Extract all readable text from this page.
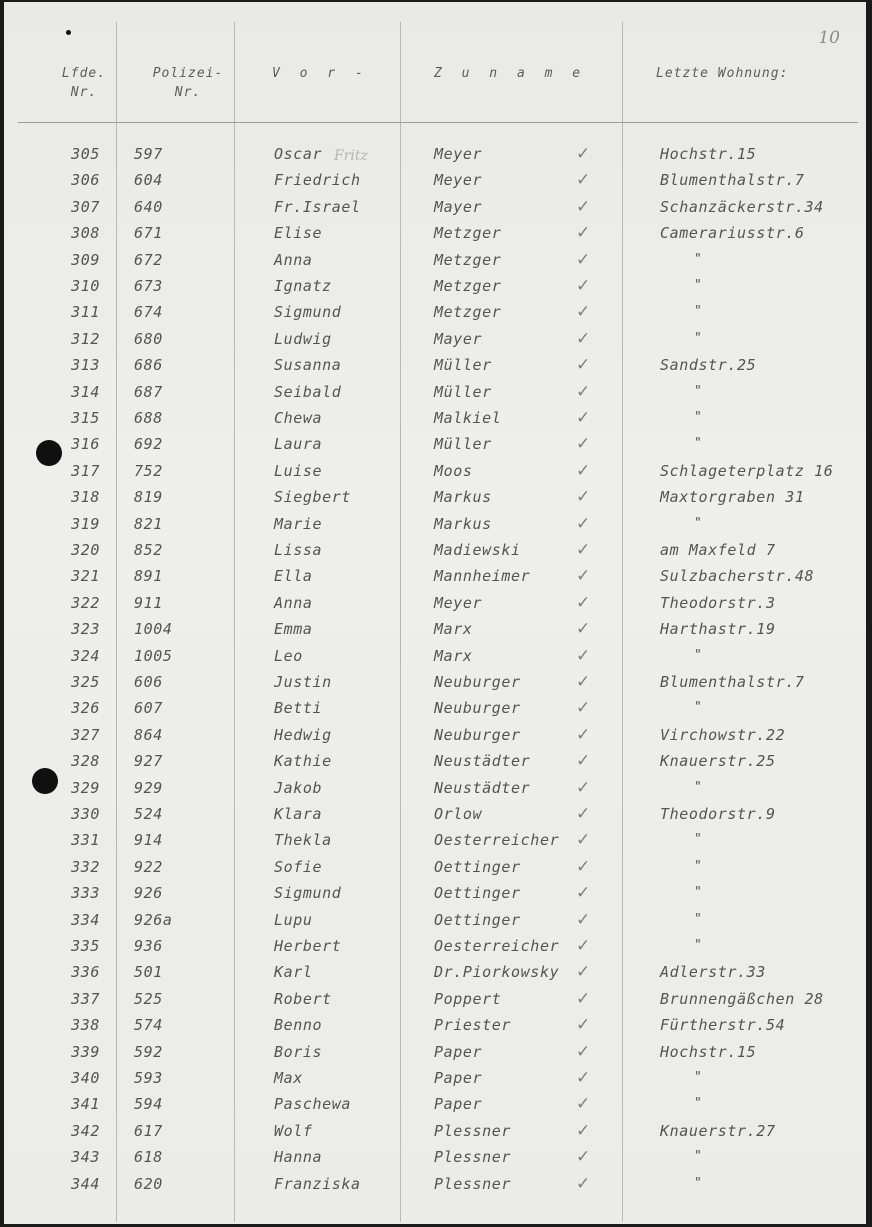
10
Lfde.
Nr.
Polizei-
Nr.
V o r -	Z u n a m e	Letzte Wohnung:
Fritz
305 597	Oscar	Meyer	✓	Hochstr.15
306 604	Friedrich	Meyer	✓	Blumenthalstr.7
307 640	Fr.Israel	Mayer	✓	Schanzäckerstr.34
308 671	Elise	Metzger	✓	Camerariusstr.6
309 672	Anna	Metzger	✓	"
310 673	Ignatz	Metzger	✓	"
311 674	Sigmund	Metzger	✓	"
312 680	Ludwig	Mayer	✓	"
313 686	Susanna	Müller	✓	Sandstr.25
314 687	Seibald	Müller	✓	"
315 688	Chewa	Malkiel	✓	"
316 692	Laura	Müller	✓	"
317 752	Luise	Moos	✓	Schlageterplatz 16
318 819	Siegbert	Markus	✓	Maxtorgraben 31
319 821	Marie	Markus	✓	"
320 852	Lissa	Madiewski	✓	am Maxfeld 7
321 891	Ella	Mannheimer	✓	Sulzbacherstr.48
322 911	Anna	Meyer	✓	Theodorstr.3
323 1004	Emma	Marx	✓	Harthastr.19
324 1005	Leo	Marx	✓	"
325 606	Justin	Neuburger	✓	Blumenthalstr.7
326 607	Betti	Neuburger	✓	"
327 864	Hedwig	Neuburger	✓	Virchowstr.22
328 927	Kathie	Neustädter	✓	Knauerstr.25
329 929	Jakob	Neustädter	✓	"
330 524	Klara	Orlow	✓	Theodorstr.9
331 914	Thekla	Oesterreicher ✓	"
332 922	Sofie	Oettinger	✓	"
333 926	Sigmund	Oettinger	✓	"
334 926a	Lupu	Oettinger	✓	"
335 936	Herbert	Oesterreicher ✓	"
336 501	Karl	Dr.Piorkowsky ✓	Adlerstr.33
337 525	Robert	Poppert	✓	Brunnengäßchen 28
338 574	Benno	Priester	✓	Fürtherstr.54
339 592	Boris	Paper	✓	Hochstr.15
340 593	Max	Paper	✓	"
341 594	Paschewa	Paper	✓	"
342 617	Wolf	Plessner	✓	Knauerstr.27
343 618	Hanna	Plessner	✓	"
344 620	Franziska	Plessner	✓	"
